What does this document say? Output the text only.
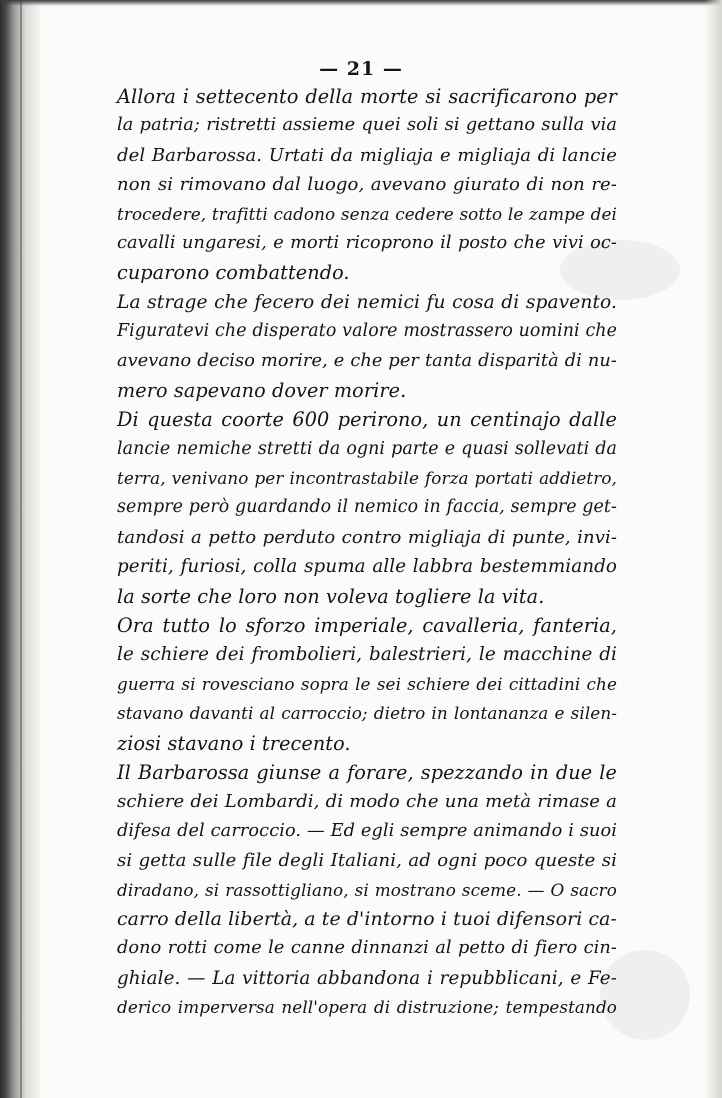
— 21 —
Allora i settecento della morte si sacrificarono per
la patria; ristretti assieme quei soli si gettano sulla via
del Barbarossa. Urtati da migliaja e migliaja di lancie
non si rimovano dal luogo, avevano giurato di non re-
trocedere, trafitti cadono senza cedere sotto le zampe dei
cavalli ungaresi, e morti ricoprono il posto che vivi oc-
cuparono combattendo.
La strage che fecero dei nemici fu cosa di spavento.
Figuratevi che disperato valore mostrassero uomini che
avevano deciso morire, e che per tanta disparità di nu-
mero sapevano dover morire.
Di questa coorte 600 perirono, un centinajo dalle
lancie nemiche stretti da ogni parte e quasi sollevati da
terra, venivano per incontrastabile forza portati addietro,
sempre però guardando il nemico in faccia, sempre get-
tandosi a petto perduto contro migliaja di punte, invi-
periti, furiosi, colla spuma alle labbra bestemmiando
la sorte che loro non voleva togliere la vita.
Ora tutto lo sforzo imperiale, cavalleria, fanteria,
le schiere dei frombolieri, balestrieri, le macchine di
guerra si rovesciano sopra le sei schiere dei cittadini che
stavano davanti al carroccio; dietro in lontananza e silen-
ziosi stavano i trecento.
Il Barbarossa giunse a forare, spezzando in due le
schiere dei Lombardi, di modo che una metà rimase a
difesa del carroccio. — Ed egli sempre animando i suoi
si getta sulle file degli Italiani, ad ogni poco queste si
diradano, si rassottigliano, si mostrano sceme. — O sacro
carro della libertà, a te d'intorno i tuoi difensori ca-
dono rotti come le canne dinnanzi al petto di fiero cin-
ghiale. — La vittoria abbandona i repubblicani, e Fe-
derico imperversa nell'opera di distruzione; tempestando
